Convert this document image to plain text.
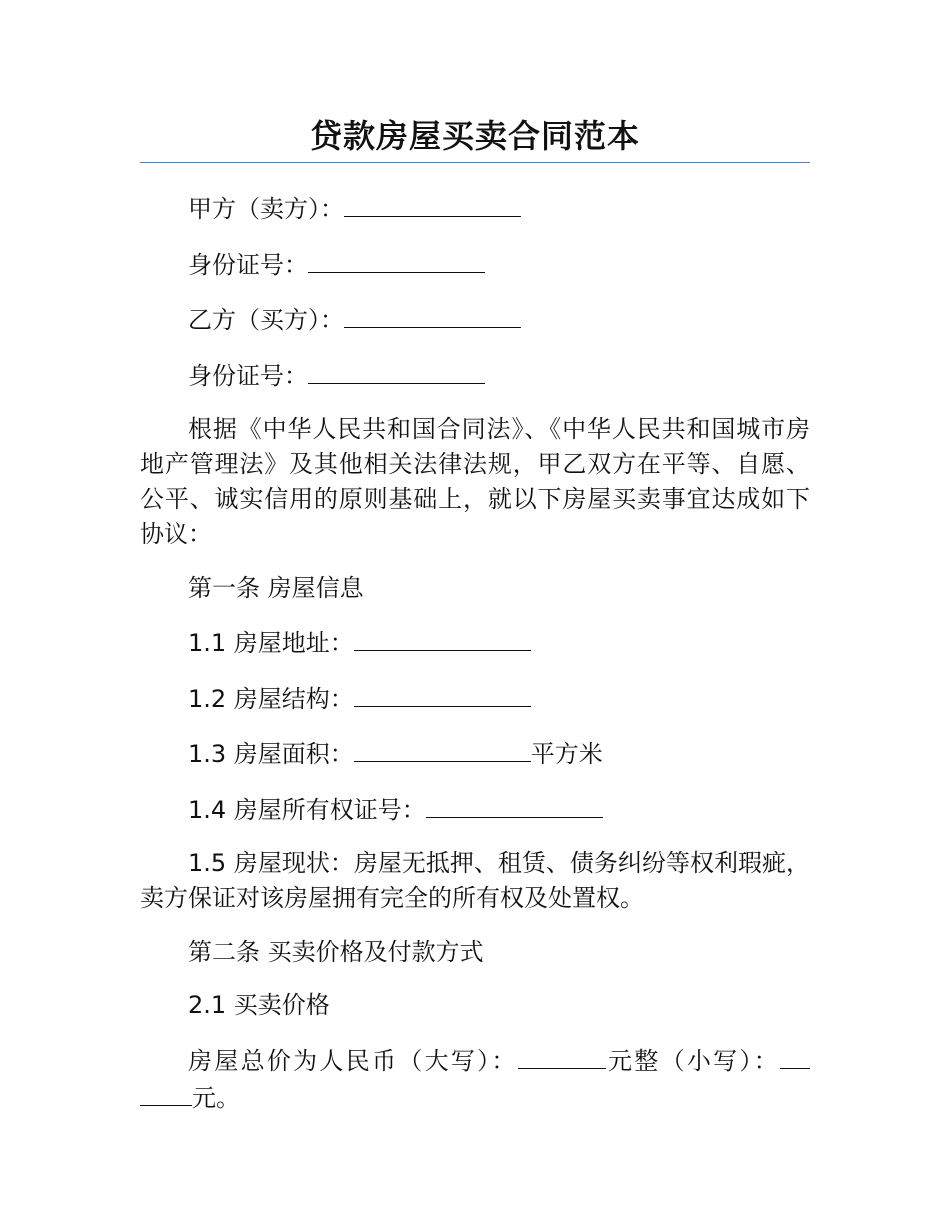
贷款房屋买卖合同范本
甲方（卖方）：
身份证号：
乙方（买方）：
身份证号：

根据《中华人民共和国合同法》、《中华人民共和国城市房地产管理法》及其他相关法律法规，甲乙双方在平等、自愿、公平、诚实信用的原则基础上，就以下房屋买卖事宜达成如下协议：

第一条 房屋信息
1.1 房屋地址：
1.2 房屋结构：
1.3 房屋面积：	平方米
1.4 房屋所有权证号：

1.5 房屋现状：房屋无抵押、租赁、债务纠纷等权利瑕疵，卖方保证对该房屋拥有完全的所有权及处置权。

第二条 买卖价格及付款方式
2.1 买卖价格

房屋总价为人民币（大写）：	元整（小写）： 元。
